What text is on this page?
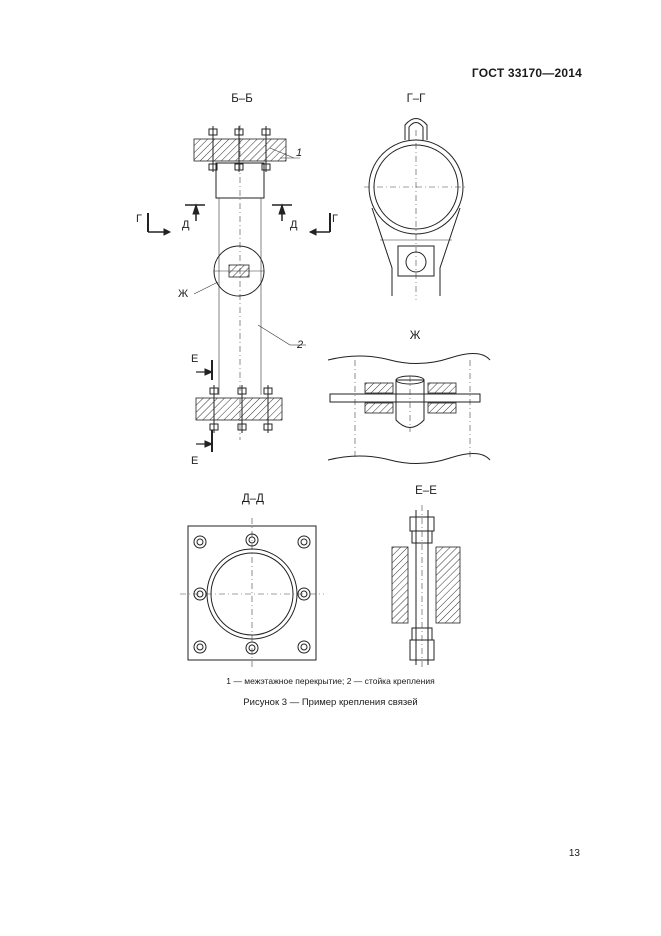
ГОСТ 33170—2014
Б–Б	Г–Г
Ж
Д–Д
Е–Е
Г	Д	Д	Г
Ж
1
2
Е
Е
1 — межэтажное перекрытие; 2 — стойка крепления
Рисунок 3 — Пример крепления связей
13
